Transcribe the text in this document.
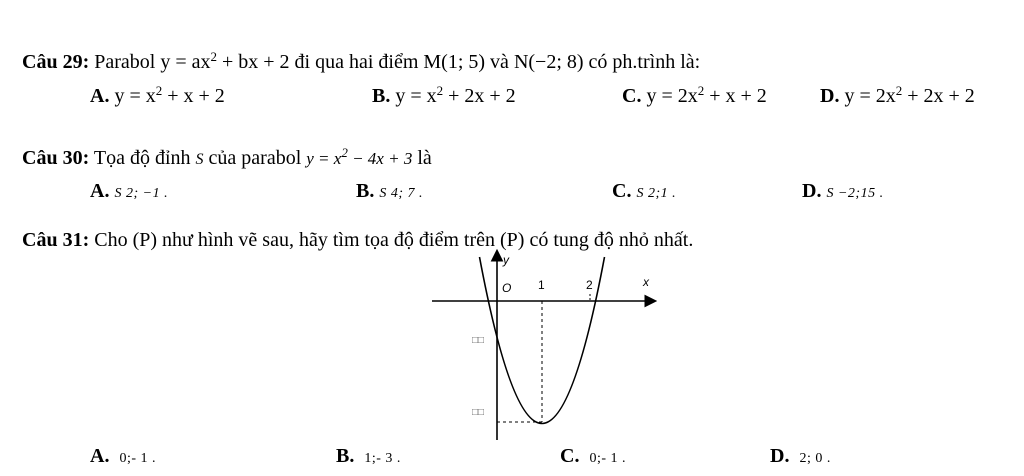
Câu 29: Parabol $y = ax^2$ + bx + 2 đi qua hai điểm M(1; 5) và N(−2; 8) có ph.trình là:
A. $y = x^2 + x + 2$	B. $y = x^2 + 2x + 2$	C. $y = 2x^2 + x + 2$	D. $y = 2x^2 + 2x + 2$
Câu 30: Tọa độ đỉnh S của parabol $y = x^2 - 4x + 3$ là
A. S 2; −1 .	B. S 4; 7 .	C. S 2;1 .	D. S −2;15 .
Câu 31: Cho (P) như hình vẽ sau, hãy tìm tọa độ điểm trên (P) có tung độ nhỏ nhất.
y
x
O 1	2
□□
□□
A. 0;- 1 .	B. 1;- 3 .	C. 0;- 1 .	D. 2; 0 .
